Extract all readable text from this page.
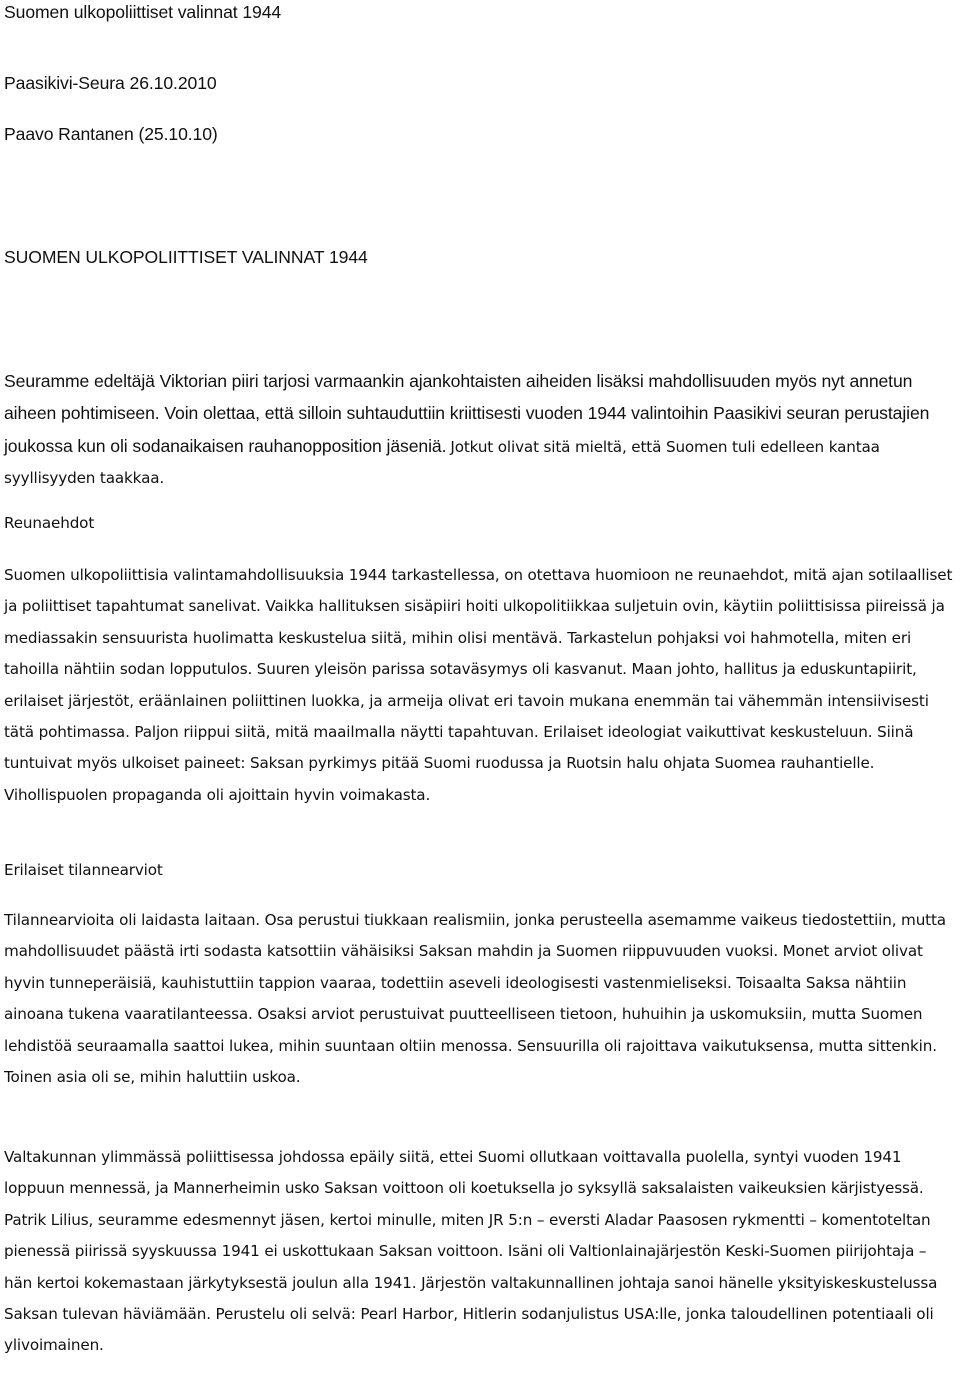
Suomen ulkopoliittiset valinnat 1944
Paasikivi-Seura 26.10.2010
Paavo Rantanen (25.10.10)
SUOMEN ULKOPOLIITTISET VALINNAT 1944

Seuramme edeltäjä Viktorian piiri tarjosi varmaankin ajankohtaisten aiheiden lisäksi mahdollisuuden myös nyt annetun aiheen pohtimiseen. Voin olettaa, että silloin suhtauduttiin kriittisesti vuoden 1944 valintoihin Paasikivi seuran perustajien joukossa kun oli sodanaikaisen rauhanopposition jäseniä. Jotkut olivat sitä mieltä, että Suomen tuli edelleen kantaa syyllisyyden taakkaa.

Reunaehdot

Suomen ulkopoliittisia valintamahdollisuuksia 1944 tarkastellessa, on otettava huomioon ne reunaehdot, mitä ajan sotilaalliset ja poliittiset tapahtumat sanelivat. Vaikka hallituksen sisäpiiri hoiti ulkopolitiikkaa suljetuin ovin, käytiin poliittisissa piireissä ja mediassakin sensuurista huolimatta keskustelua siitä, mihin olisi mentävä. Tarkastelun pohjaksi voi hahmotella, miten eri tahoilla nähtiin sodan lopputulos. Suuren yleisön parissa sotaväsymys oli kasvanut. Maan johto, hallitus ja eduskuntapiirit, erilaiset järjestöt, eräänlainen poliittinen luokka, ja armeija olivat eri tavoin mukana enemmän tai vähemmän intensiivisesti tätä pohtimassa. Paljon riippui siitä, mitä maailmalla näytti tapahtuvan. Erilaiset ideologiat vaikuttivat keskusteluun. Siinä tuntuivat myös ulkoiset paineet: Saksan pyrkimys pitää Suomi ruodussa ja Ruotsin halu ohjata Suomea rauhantielle. Vihollispuolen propaganda oli ajoittain hyvin voimakasta.

Erilaiset tilannearviot

Tilannearvioita oli laidasta laitaan. Osa perustui tiukkaan realismiin, jonka perusteella asemamme vaikeus tiedostettiin, mutta mahdollisuudet päästä irti sodasta katsottiin vähäisiksi Saksan mahdin ja Suomen riippuvuuden vuoksi. Monet arviot olivat hyvin tunneperäisiä, kauhistuttiin tappion vaaraa, todettiin aseveli ideologisesti vastenmieliseksi. Toisaalta Saksa nähtiin ainoana tukena vaaratilanteessa. Osaksi arviot perustuivat puutteelliseen tietoon, huhuihin ja uskomuksiin, mutta Suomen lehdistöä seuraamalla saattoi lukea, mihin suuntaan oltiin menossa. Sensuurilla oli rajoittava vaikutuksensa, mutta sittenkin. Toinen asia oli se, mihin haluttiin uskoa.

Valtakunnan ylimmässä poliittisessa johdossa epäily siitä, ettei Suomi ollutkaan voittavalla puolella, syntyi vuoden 1941 loppuun mennessä, ja Mannerheimin usko Saksan voittoon oli koetuksella jo syksyllä saksalaisten vaikeuksien kärjistyessä. Patrik Lilius, seuramme edesmennyt jäsen, kertoi minulle, miten JR 5:n – eversti Aladar Paasosen rykmentti – komentoteltan pienessä piirissä syyskuussa 1941 ei uskottukaan Saksan voittoon. Isäni oli Valtionlainajärjestön Keski-Suomen piirijohtaja – hän kertoi kokemastaan järkytyksestä joulun alla 1941. Järjestön valtakunnallinen johtaja sanoi hänelle yksityiskeskustelussa Saksan tulevan häviämään. Perustelu oli selvä: Pearl Harbor, Hitlerin sodanjulistus USA:lle, jonka taloudellinen potentiaali oli ylivoimainen.
